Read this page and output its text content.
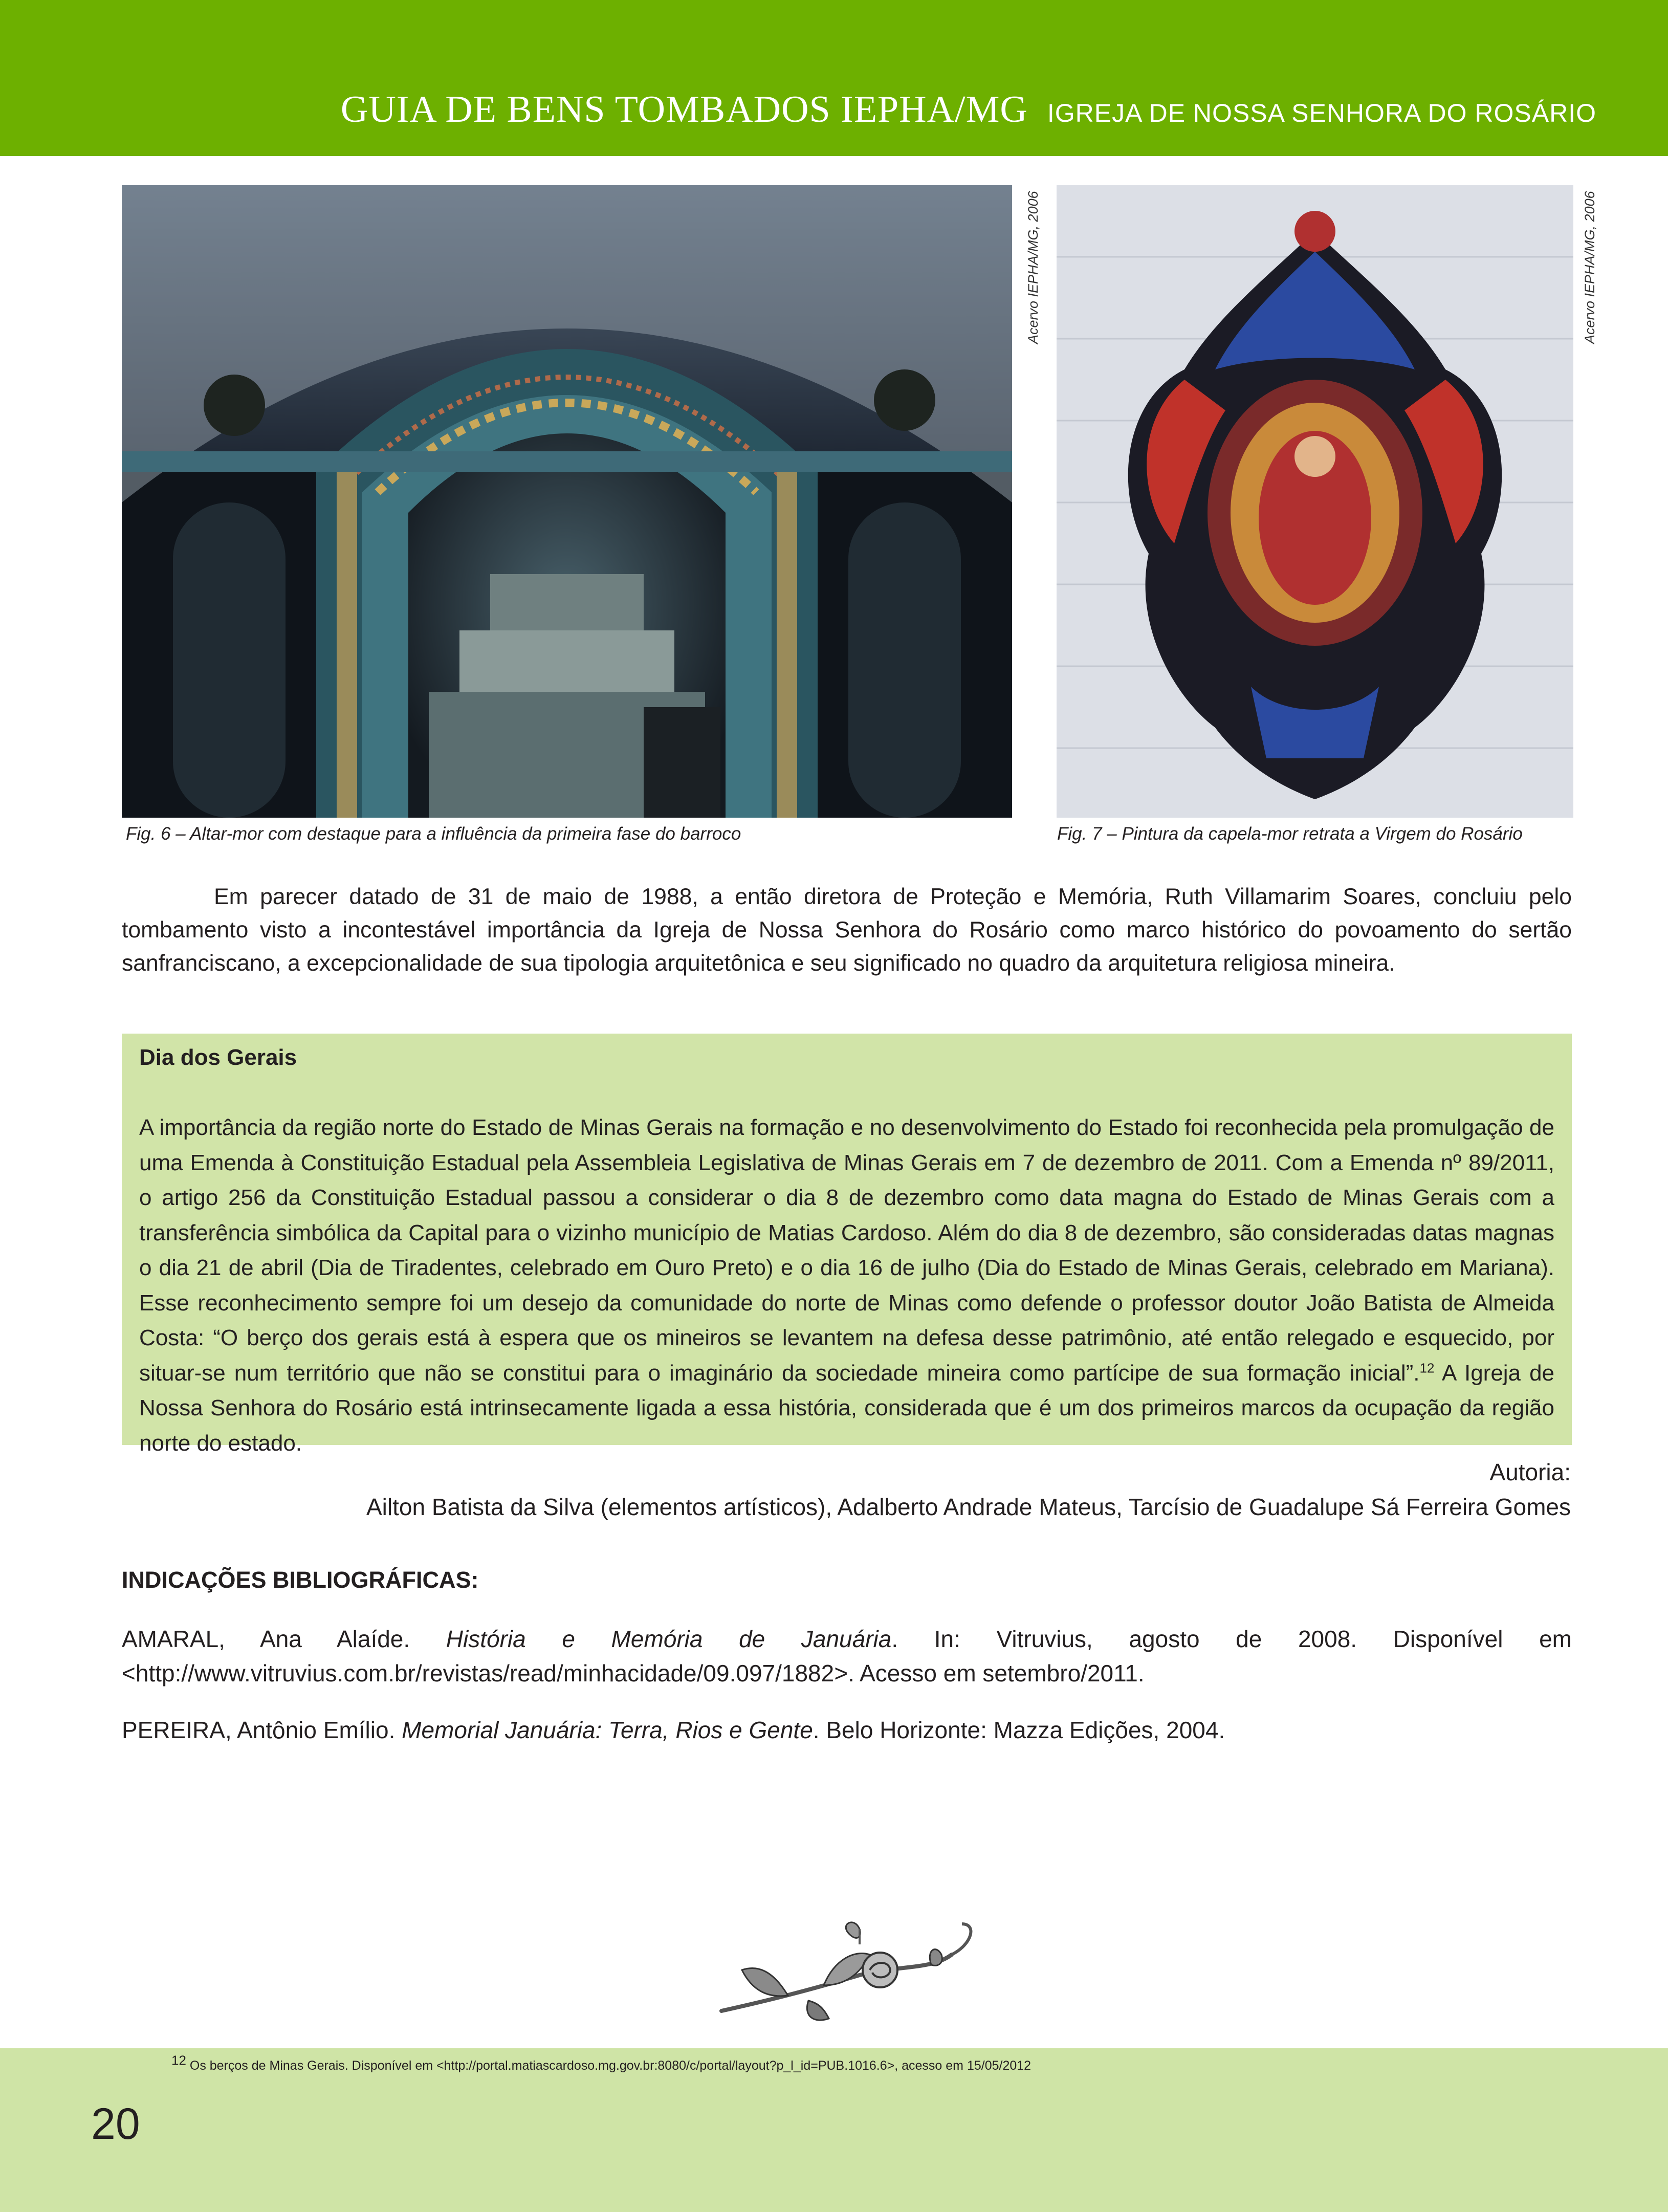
GUIA DE BENS TOMBADOS IEPHA/MG IGREJA DE NOSSA SENHORA DO ROSÁRIO
Acervo IEPHA/MG, 2006
Fig. 6 – Altar-mor com destaque para a influência da primeira fase do barroco
Acervo IEPHA/MG, 2006
Fig. 7 – Pintura da capela-mor retrata a Virgem do Rosário

Em parecer datado de 31 de maio de 1988, a então diretora de Proteção e Memória, Ruth Villamarim Soares, concluiu pelo tombamento visto a incontestável importância da Igreja de Nossa Senhora do Rosário como marco histórico do povoamento do sertão sanfranciscano, a excepcionalidade de sua tipologia arquitetônica e seu significado no quadro da arquitetura religiosa mineira.

Dia dos Gerais

A importância da região norte do Estado de Minas Gerais na formação e no desenvolvimento do Estado foi reconhecida pela promulgação de uma Emenda à Constituição Estadual pela Assembleia Legislativa de Minas Gerais em 7 de dezembro de 2011. Com a Emenda nº 89/2011, o artigo 256 da Constituição Estadual passou a considerar o dia 8 de dezembro como data magna do Estado de Minas Gerais com a transferência simbólica da Capital para o vizinho município de Matias Cardoso. Além do dia 8 de dezembro, são consideradas datas magnas o dia 21 de abril (Dia de Tiradentes, celebrado em Ouro Preto) e o dia 16 de julho (Dia do Estado de Minas Gerais, celebrado em Mariana). Esse reconhecimento sempre foi um desejo da comunidade do norte de Minas como defende o professor doutor João Batista de Almeida Costa: “O berço dos gerais está à espera que os mineiros se levantem na defesa desse patrimônio, até então relegado e esquecido, por situar-se num território que não se constitui para o imaginário da sociedade mineira como partícipe de sua formação inicial”.$^{12}$ A Igreja de Nossa Senhora do Rosário está intrinsecamente ligada a essa história, considerada que é um dos primeiros marcos da ocupação da região norte do estado.

Autoria:
Ailton Batista da Silva (elementos artísticos), Adalberto Andrade Mateus, Tarcísio de Guadalupe Sá Ferreira Gomes
INDICAÇÕES BIBLIOGRÁFICAS:

AMARAL, Ana Alaíde. História e Memória de Januária. In: Vitruvius, agosto de 2008. Disponível em <http://www.vitruvius.com.br/revistas/read/minhacidade/09.097/1882>. Acesso em setembro/2011.

PEREIRA, Antônio Emílio. Memorial Januária: Terra, Rios e Gente. Belo Horizonte: Mazza Edições, 2004.

$^{12}$ Os berços de Minas Gerais. Disponível em <http://portal.matiascardoso.mg.gov.br:8080/c/portal/layout?p_l_id=PUB.1016.6>, acesso em 15/05/2012
20
